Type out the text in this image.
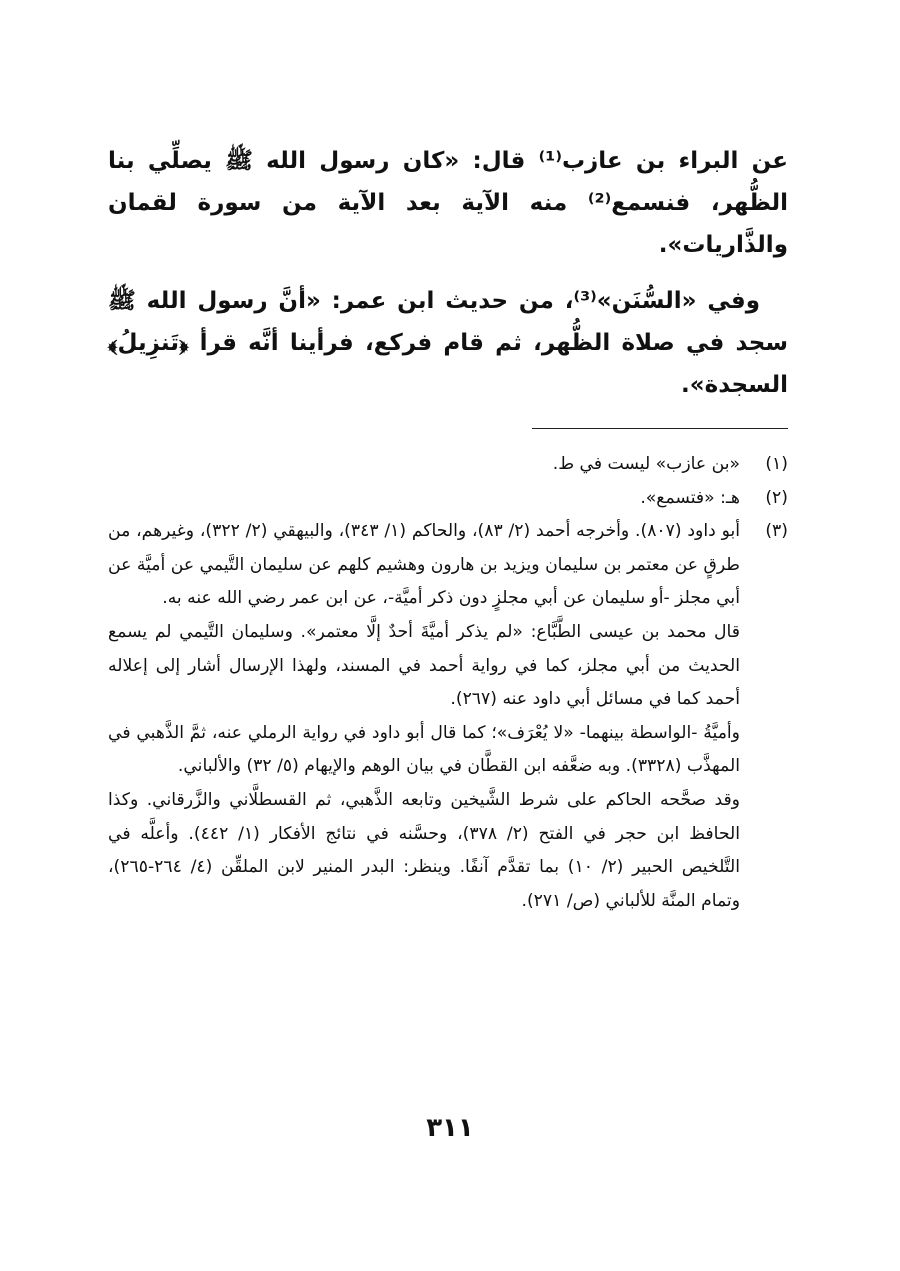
عن البراء بن عازب⁽¹⁾ قال: «كان رسول الله ﷺ يصلِّي بنا الظُّهر، فنسمع⁽²⁾ منه الآية بعد الآية من سورة لقمان والذَّاريات».

وفي «السُّنَن»⁽³⁾، من حديث ابن عمر: «أنَّ رسول الله ﷺ سجد في صلاة الظُّهر، ثم قام فركع، فرأينا أنَّه قرأ ﴿تَنزِيلُ﴾ السجدة».

(١)

«بن عازب» ليست في ط.

(٢)

هـ: «فتسمع».

(٣)

أبو داود (٨٠٧). وأخرجه أحمد (٢/ ٨٣)، والحاكم (١/ ٣٤٣)، والبيهقي (٢/ ٣٢٢)، وغيرهم، من طرقٍ عن معتمر بن سليمان ويزيد بن هارون وهشيم كلهم عن سليمان التَّيمي عن أميَّة عن أبي مجلز -أو سليمان عن أبي مجلزٍ دون ذكر أميَّة-، عن ابن عمر رضي الله عنه به.

قال محمد بن عيسى الطَّبَّاع: «لم يذكر أميَّةَ أحدٌ إلَّا معتمر». وسليمان التَّيمي لم يسمع الحديث من أبي مجلز، كما في رواية أحمد في المسند، ولهذا الإرسال أشار إلى إعلاله أحمد كما في مسائل أبي داود عنه (٢٦٧).

وأميَّةُ -الواسطة بينهما- «لا يُعْرَف»؛ كما قال أبو داود في رواية الرملي عنه، ثمَّ الذَّهبي في المهذَّب (٣٣٢٨). وبه ضعَّفه ابن القطَّان في بيان الوهم والإيهام (٥/ ٣٢) والألباني.

وقد صحَّحه الحاكم على شرط الشَّيخين وتابعه الذَّهبي، ثم القسطلَّاني والزَّرقاني. وكذا الحافظ ابن حجر في الفتح (٢/ ٣٧٨)، وحسَّنه في نتائج الأفكار (١/ ٤٤٢). وأعلَّه في التَّلخيص الحبير (٢/ ١٠) بما تقدَّم آنفًا. وينظر: البدر المنير لابن الملقِّن (٤/ ٢٦٤-٢٦٥)، وتمام المنَّة للألباني (ص/ ٢٧١).

٣١١
